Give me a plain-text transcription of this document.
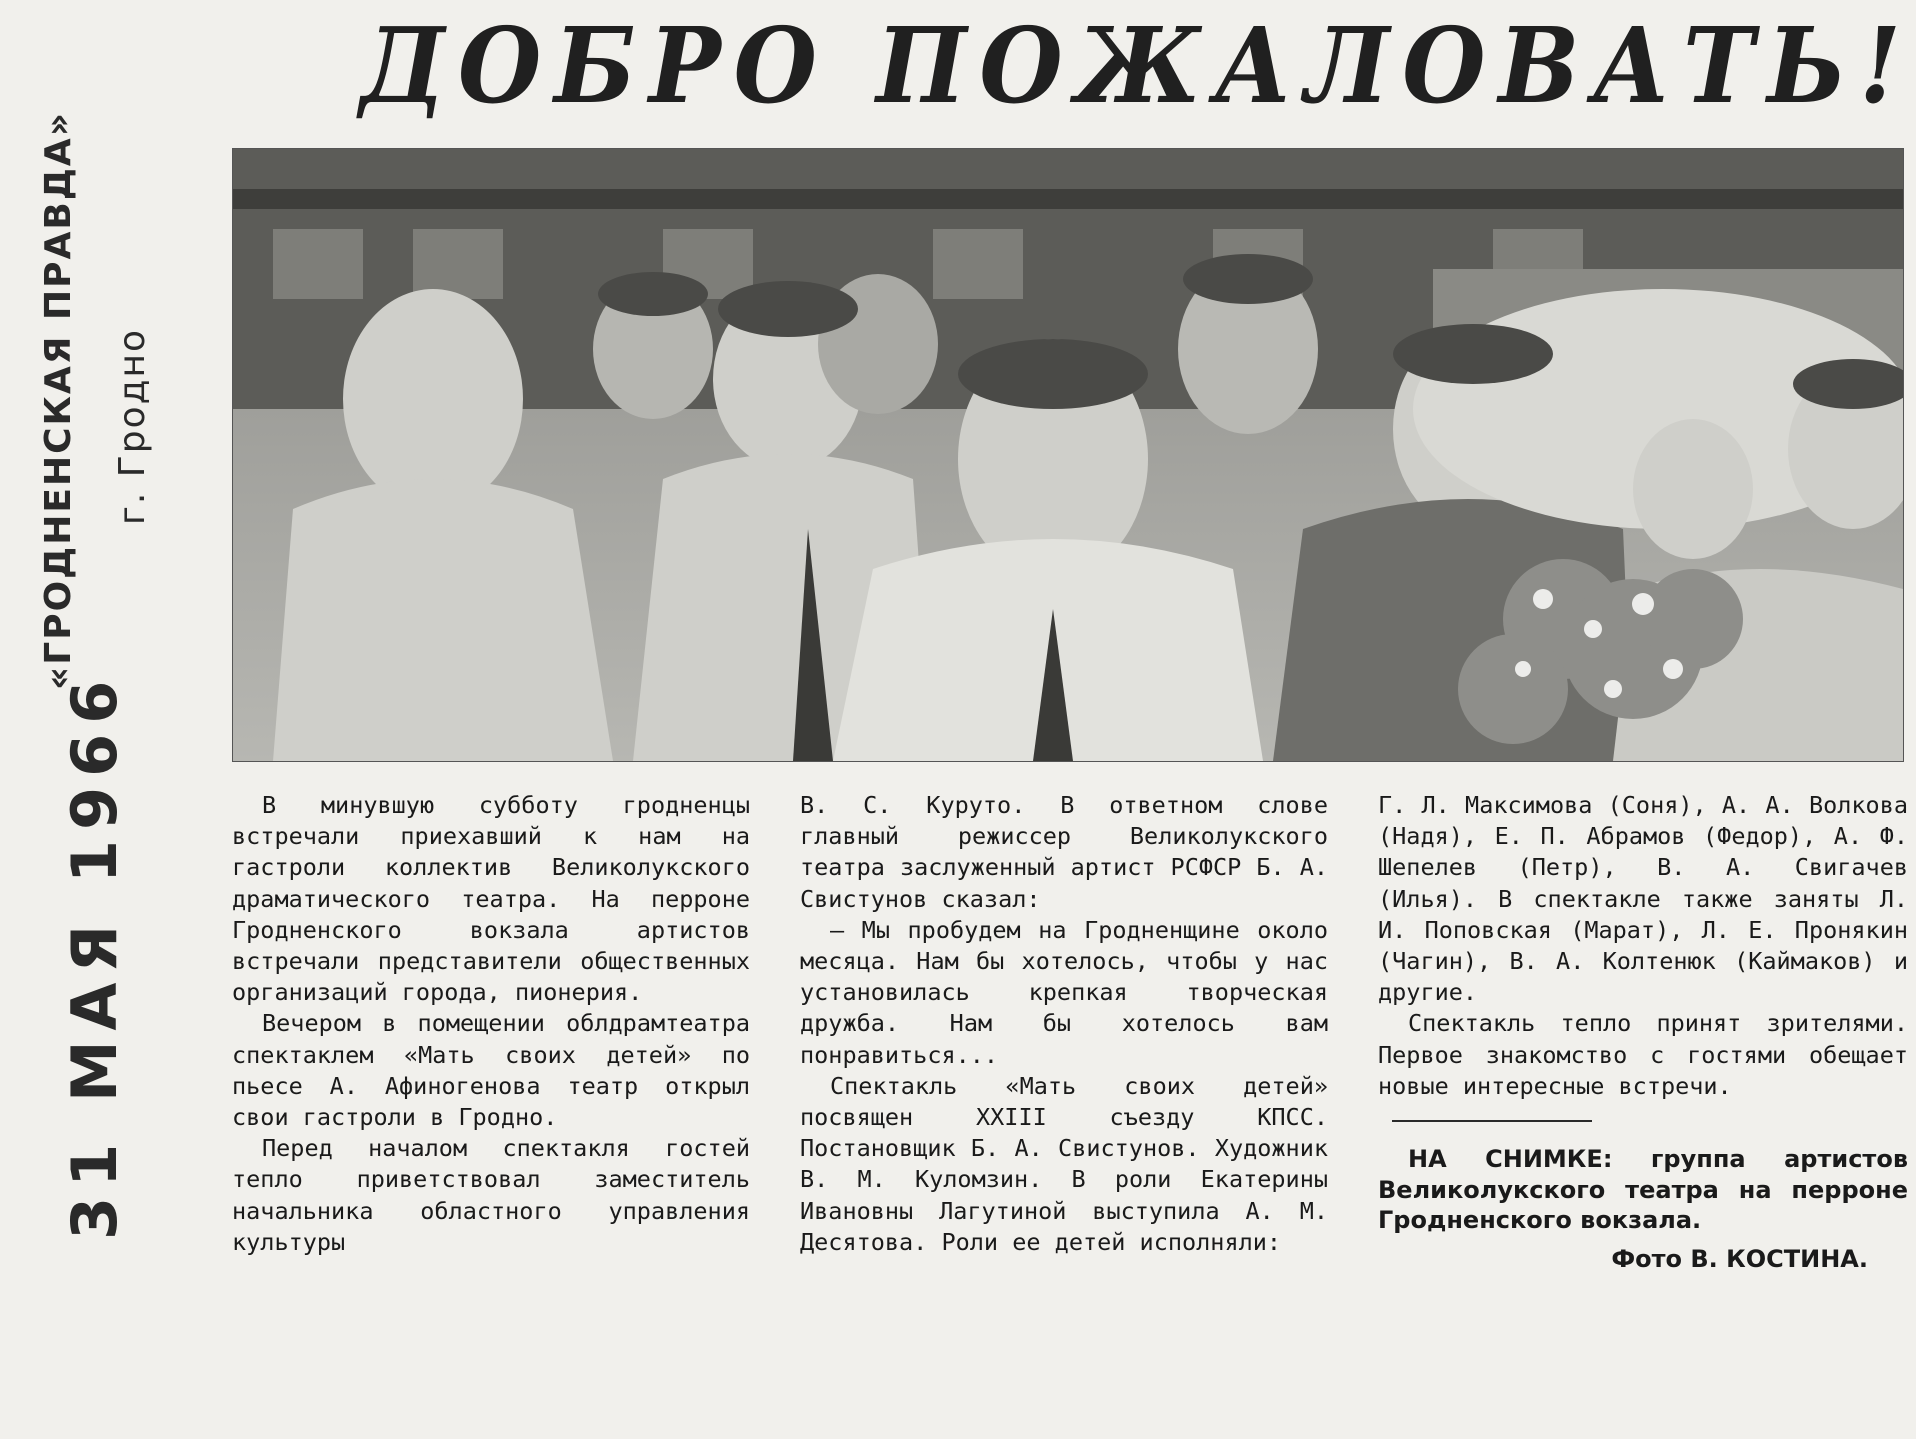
ДОБРО ПОЖАЛОВАТЬ!
«ГРОДНЕНСКАЯ ПРАВДА» г. Гродно
31 МАЯ 1966	В минувшую субботу гродненцы встречали приехавший к нам на гастроли коллектив Великолукского драматического театра. На перроне Гродненского вокзала артистов встречали представители общественных организаций города, пионерия.

Вечером в помещении облдрамтеатра спектаклем «Мать своих детей» по пьесе А. Афиногенова театр открыл свои гастроли в Гродно.

Перед началом спектакля гостей тепло приветствовал заместитель начальника областного управления культуры

В. С. Куруто. В ответном слове главный режиссер Великолукского театра заслуженный артист РСФСР Б. А. Свистунов сказал:

— Мы пробудем на Гродненщине около месяца. Нам бы хотелось, чтобы у нас установилась крепкая творческая дружба. Нам бы хотелось вам понравиться...

Спектакль «Мать своих детей» посвящен XXIII съезду КПСС. Постановщик Б. А. Свистунов. Художник В. М. Куломзин. В роли Екатерины Ивановны Лагутиной выступила А. М. Десятова. Роли ее детей исполняли:

Г. Л. Максимова (Соня), А. А. Волкова (Надя), Е. П. Абрамов (Федор), А. Ф. Шепелев (Петр), В. А. Свигачев (Илья). В спектакле также заняты Л. И. Поповская (Марат), Л. Е. Пронякин (Чагин), В. А. Колтенюк (Каймаков) и другие.

Спектакль тепло принят зрителями. Первое знакомство с гостями обещает новые интересные встречи.

НА СНИМКЕ: группа артистов Великолукского театра на перроне Гродненского вокзала.

Фото В. КОСТИНА.
